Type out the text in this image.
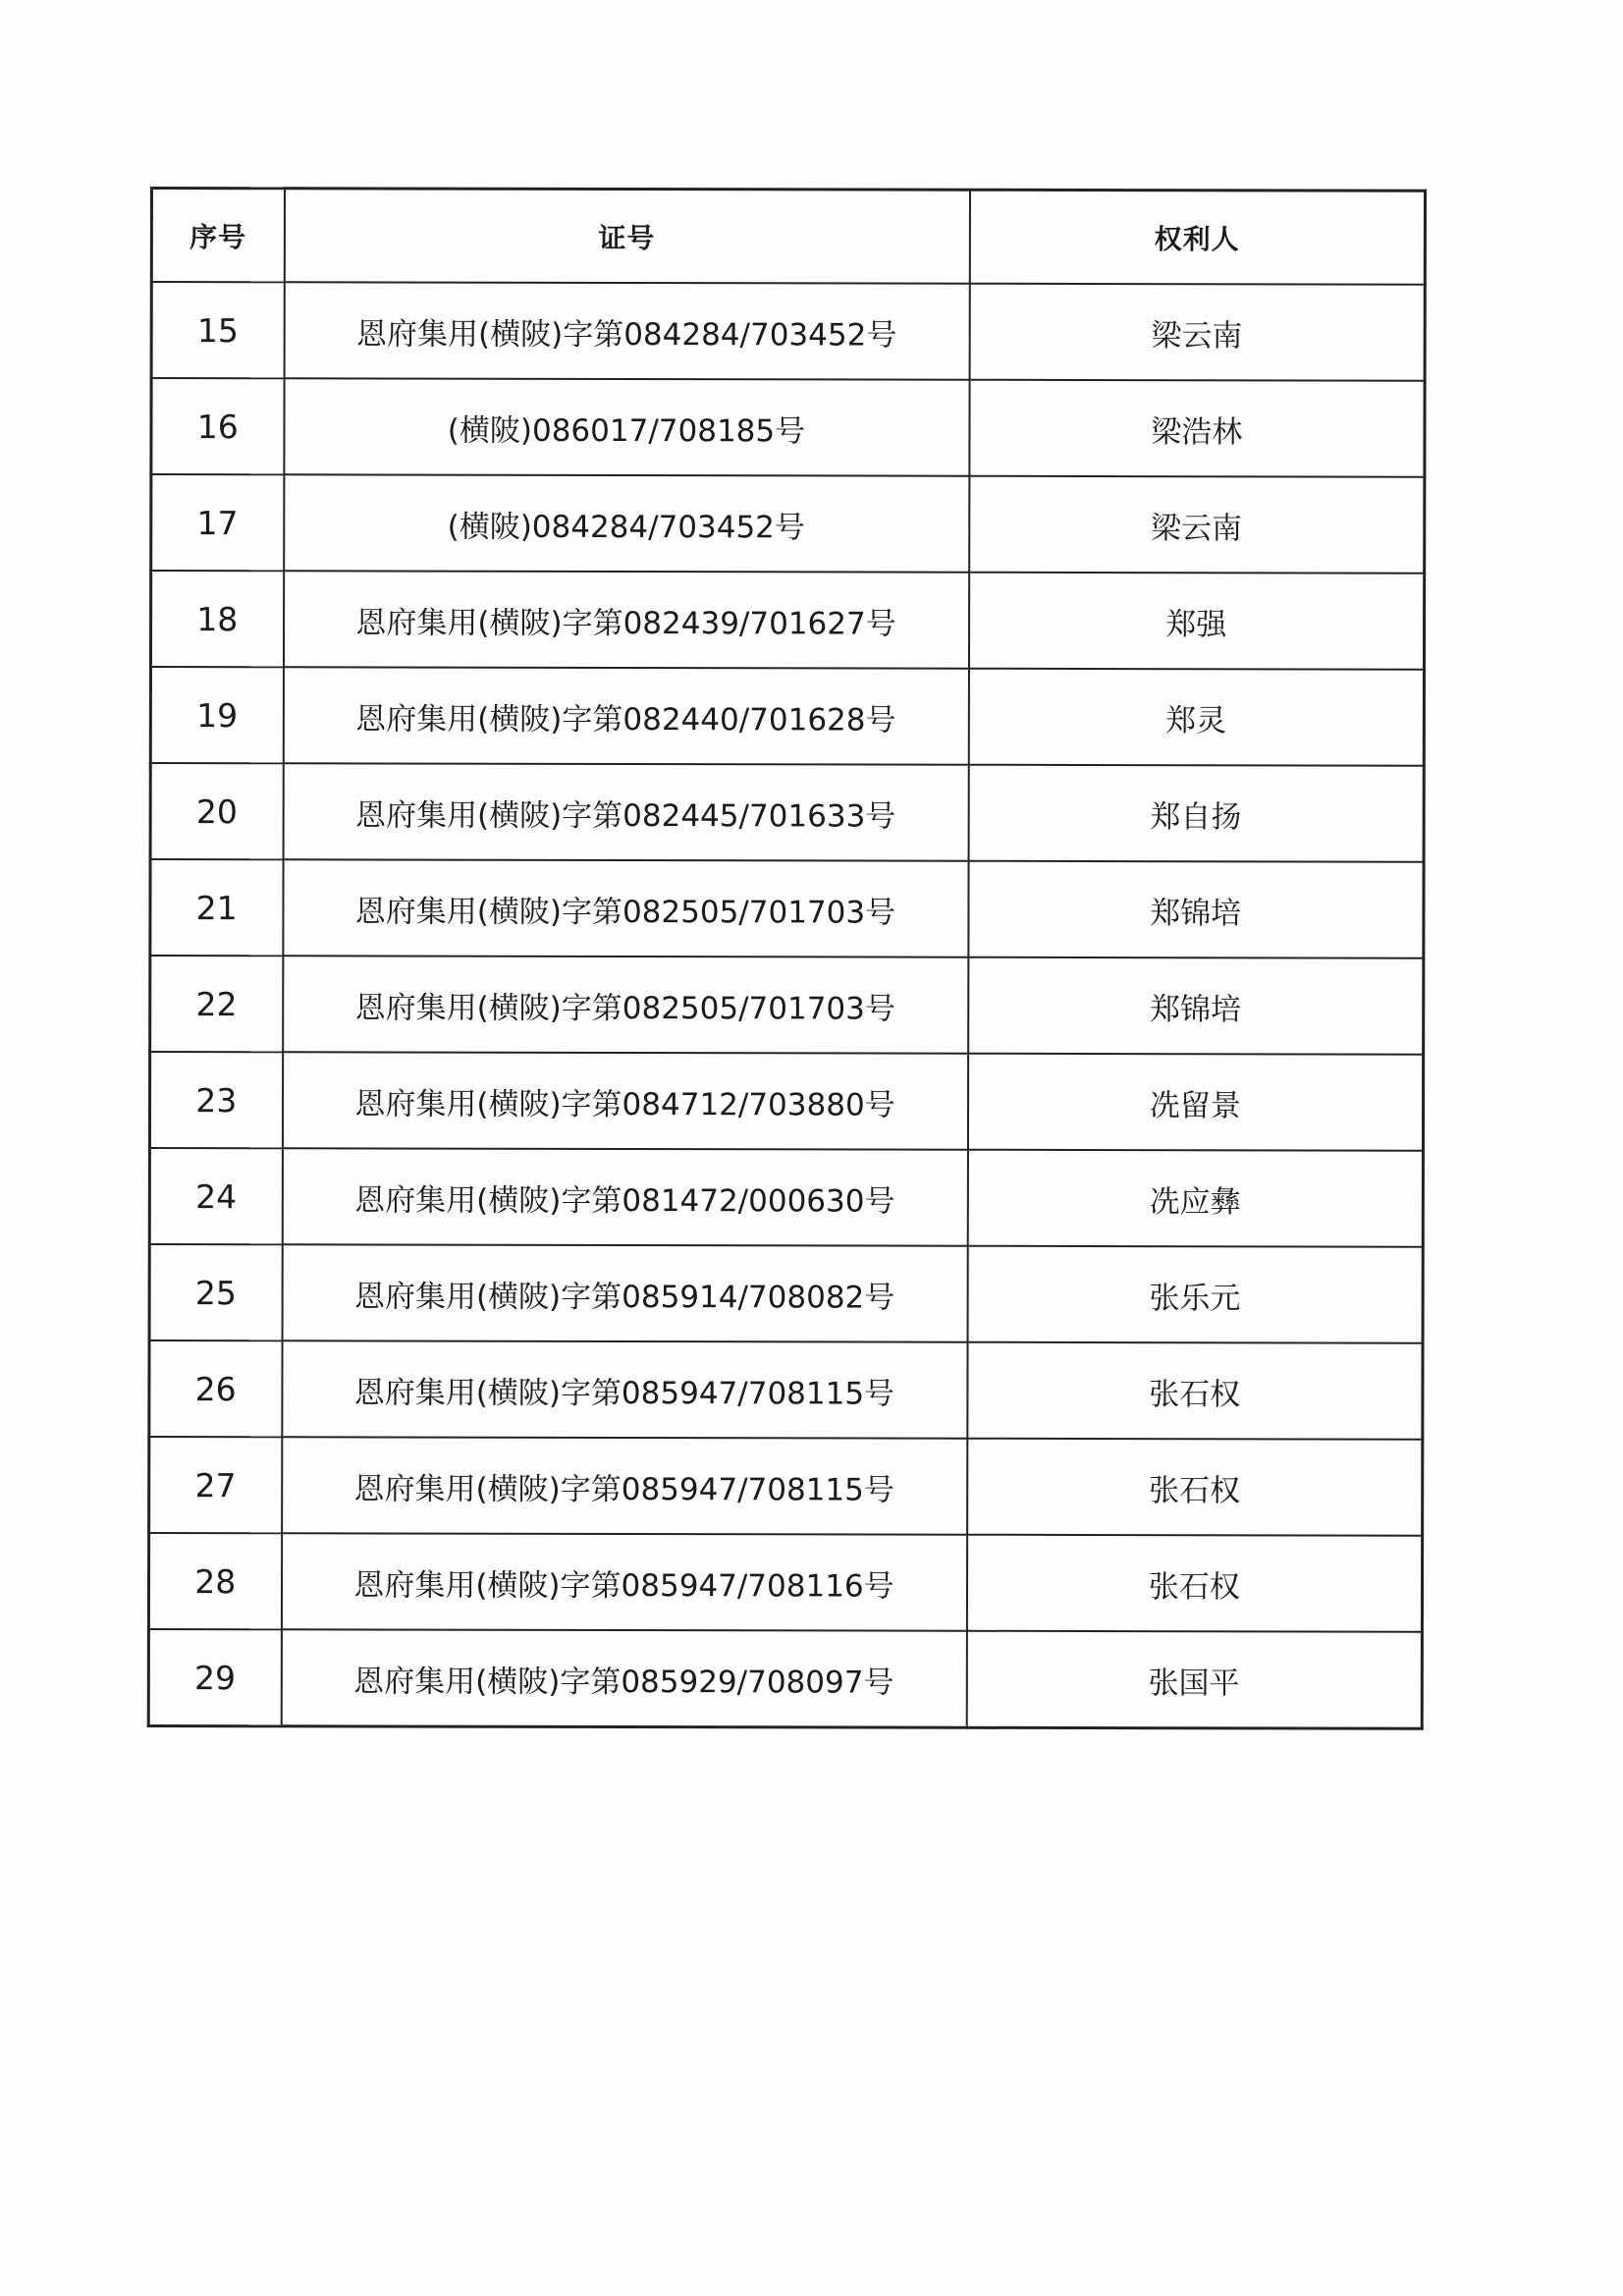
序号	证号	权利人
15	恩府集用(横陂)字第084284/703452号	梁云南
16	(横陂)086017/708185号	梁浩林
17	(横陂)084284/703452号	梁云南
18	恩府集用(横陂)字第082439/701627号	郑强
19	恩府集用(横陂)字第082440/701628号	郑灵
20	恩府集用(横陂)字第082445/701633号	郑自扬
21	恩府集用(横陂)字第082505/701703号	郑锦培
22	恩府集用(横陂)字第082505/701703号	郑锦培
23	恩府集用(横陂)字第084712/703880号	冼留景
24	恩府集用(横陂)字第081472/000630号	冼应彝
25	恩府集用(横陂)字第085914/708082号	张乐元
26	恩府集用(横陂)字第085947/708115号	张石权
27	恩府集用(横陂)字第085947/708115号	张石权
28	恩府集用(横陂)字第085947/708116号	张石权
29	恩府集用(横陂)字第085929/708097号	张国平
